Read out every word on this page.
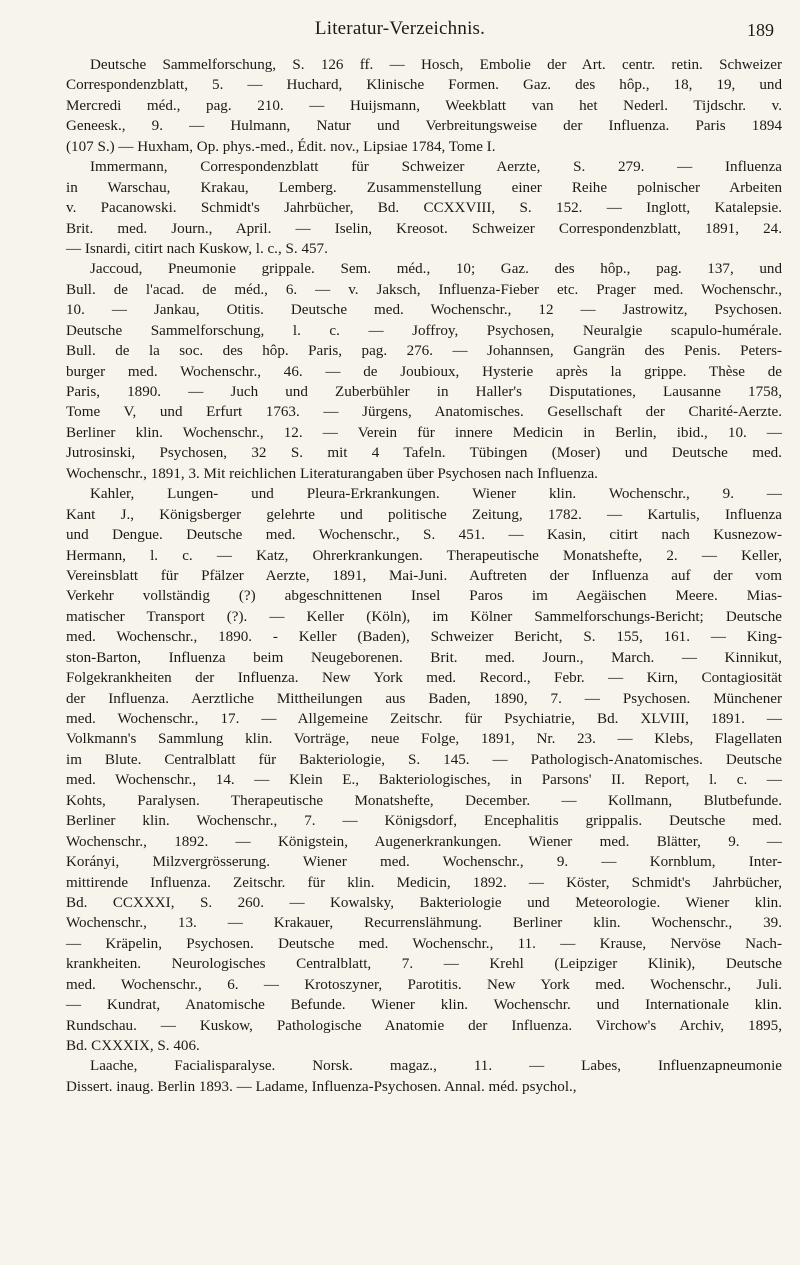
Literatur-Verzeichnis.	189
Deutsche Sammelforschung, S. 126 ff. — Hosch, Embolie der Art. centr. retin. Schweizer
Correspondenzblatt, 5. — Huchard, Klinische Formen. Gaz. des hôp., 18, 19, und
Mercredi méd., pag. 210. — Huijsmann, Weekblatt van het Nederl. Tijdschr. v.
Geneesk., 9. — Hulmann, Natur und Verbreitungsweise der Influenza. Paris 1894
(107 S.) — Huxham, Op. phys.-med., Édit. nov., Lipsiae 1784, Tome I.
Immermann, Correspondenzblatt für Schweizer Aerzte, S. 279. — Influenza
in Warschau, Krakau, Lemberg. Zusammenstellung einer Reihe polnischer Arbeiten
v. Pacanowski. Schmidt's Jahrbücher, Bd. CCXXVIII, S. 152. — Inglott, Katalepsie.
Brit. med. Journ., April. — Iselin, Kreosot. Schweizer Correspondenzblatt, 1891, 24.
— Isnardi, citirt nach Kuskow, l. c., S. 457.
Jaccoud, Pneumonie grippale. Sem. méd., 10; Gaz. des hôp., pag. 137, und
Bull. de l'acad. de méd., 6. — v. Jaksch, Influenza-Fieber etc. Prager med. Wochenschr.,
10. — Jankau, Otitis. Deutsche med. Wochenschr., 12 — Jastrowitz, Psychosen.
Deutsche Sammelforschung, l. c. — Joffroy, Psychosen, Neuralgie scapulo-humérale.
Bull. de la soc. des hôp. Paris, pag. 276. — Johannsen, Gangrän des Penis. Peters-
burger med. Wochenschr., 46. — de Joubioux, Hysterie après la grippe. Thèse de
Paris, 1890. — Juch und Zuberbühler in Haller's Disputationes, Lausanne 1758,
Tome V, und Erfurt 1763. — Jürgens, Anatomisches. Gesellschaft der Charité-Aerzte.
Berliner klin. Wochenschr., 12. — Verein für innere Medicin in Berlin, ibid., 10. —
Jutrosinski, Psychosen, 32 S. mit 4 Tafeln. Tübingen (Moser) und Deutsche med.
Wochenschr., 1891, 3. Mit reichlichen Literaturangaben über Psychosen nach Influenza.
Kahler, Lungen- und Pleura-Erkrankungen. Wiener klin. Wochenschr., 9. —
Kant J., Königsberger gelehrte und politische Zeitung, 1782. — Kartulis, Influenza
und Dengue. Deutsche med. Wochenschr., S. 451. — Kasin, citirt nach Kusnezow-
Hermann, l. c. — Katz, Ohrerkrankungen. Therapeutische Monatshefte, 2. — Keller,
Vereinsblatt für Pfälzer Aerzte, 1891, Mai-Juni. Auftreten der Influenza auf der vom
Verkehr vollständig (?) abgeschnittenen Insel Paros im Aegäischen Meere. Mias-
matischer Transport (?). — Keller (Köln), im Kölner Sammelforschungs-Bericht; Deutsche
med. Wochenschr., 1890. - Keller (Baden), Schweizer Bericht, S. 155, 161. — King-
ston-Barton, Influenza beim Neugeborenen. Brit. med. Journ., March. — Kinnikut,
Folgekrankheiten der Influenza. New York med. Record., Febr. — Kirn, Contagiosität
der Influenza. Aerztliche Mittheilungen aus Baden, 1890, 7. — Psychosen. Münchener
med. Wochenschr., 17. — Allgemeine Zeitschr. für Psychiatrie, Bd. XLVIII, 1891. —
Volkmann's Sammlung klin. Vorträge, neue Folge, 1891, Nr. 23. — Klebs, Flagellaten
im Blute. Centralblatt für Bakteriologie, S. 145. — Pathologisch-Anatomisches. Deutsche
med. Wochenschr., 14. — Klein E., Bakteriologisches, in Parsons' II. Report, l. c. —
Kohts, Paralysen. Therapeutische Monatshefte, December. — Kollmann, Blutbefunde.
Berliner klin. Wochenschr., 7. — Königsdorf, Encephalitis grippalis. Deutsche med.
Wochenschr., 1892. — Königstein, Augenerkrankungen. Wiener med. Blätter, 9. —
Korányi, Milzvergrösserung. Wiener med. Wochenschr., 9. — Kornblum, Inter-
mittirende Influenza. Zeitschr. für klin. Medicin, 1892. — Köster, Schmidt's Jahrbücher,
Bd. CCXXXI, S. 260. — Kowalsky, Bakteriologie und Meteorologie. Wiener klin.
Wochenschr., 13. — Krakauer, Recurrenslähmung. Berliner klin. Wochenschr., 39.
— Kräpelin, Psychosen. Deutsche med. Wochenschr., 11. — Krause, Nervöse Nach-
krankheiten. Neurologisches Centralblatt, 7. — Krehl (Leipziger Klinik), Deutsche
med. Wochenschr., 6. — Krotoszyner, Parotitis. New York med. Wochenschr., Juli.
— Kundrat, Anatomische Befunde. Wiener klin. Wochenschr. und Internationale klin.
Rundschau. — Kuskow, Pathologische Anatomie der Influenza. Virchow's Archiv, 1895,
Bd. CXXXIX, S. 406.
Laache, Facialisparalyse. Norsk. magaz., 11. — Labes, Influenzapneumonie
Dissert. inaug. Berlin 1893. — Ladame, Influenza-Psychosen. Annal. méd. psychol.,
